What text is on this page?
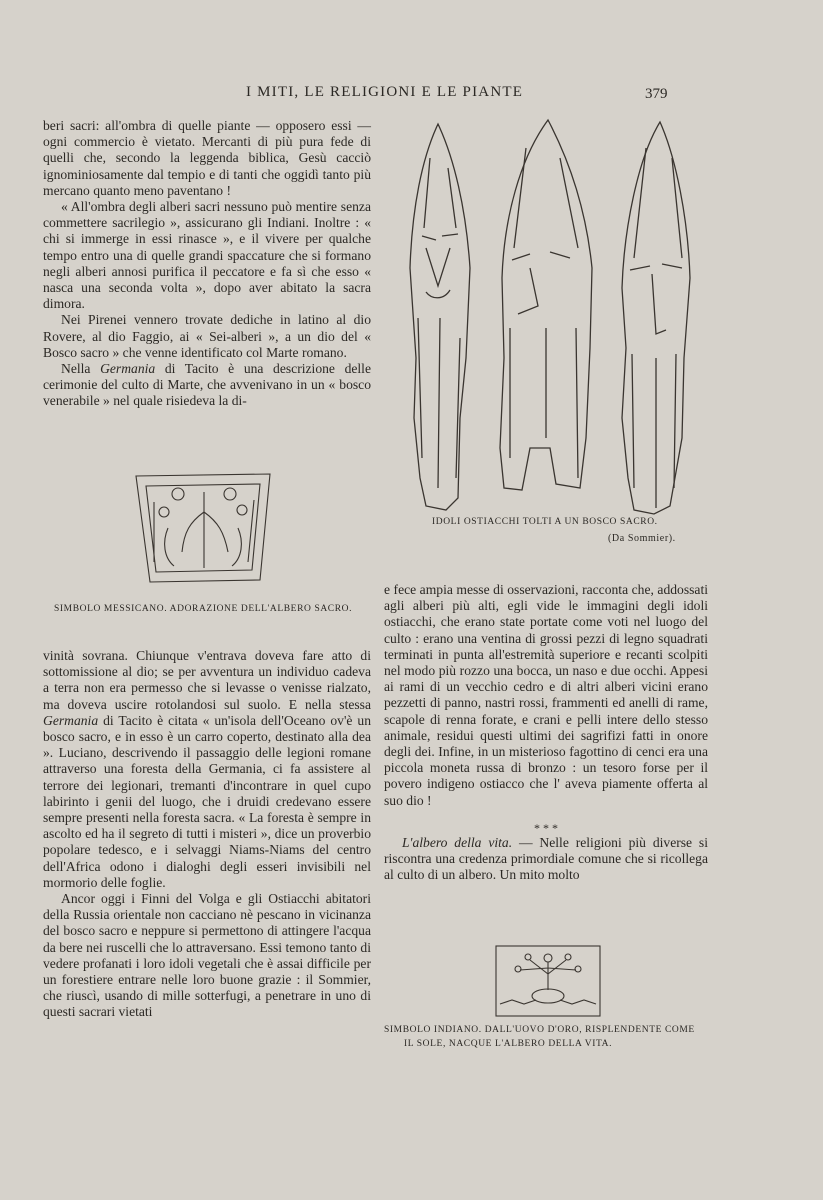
I MITI, LE RELIGIONI E LE PIANTE	379

beri sacri: all'ombra di quelle piante — opposero essi — ogni commercio è vietato. Mercanti di più pura fede di quelli che, secondo la leggenda biblica, Gesù cacciò ignominiosamente dal tempio e di tanti che oggidì tanto più mercano quanto meno paventano !

« All'ombra degli alberi sacri nessuno può mentire senza commettere sacrilegio », assicurano gli Indiani. Inoltre : « chi si immerge in essi rinasce », e il vivere per qualche tempo entro una di quelle grandi spaccature che si formano negli alberi annosi purifica il peccatore e fa sì che esso « nasca una seconda volta », dopo aver abitato la sacra dimora.

Nei Pirenei vennero trovate dediche in latino al dio Rovere, al dio Faggio, ai « Sei-alberi », a un dio del « Bosco sacro » che venne identificato col Marte romano.

Nella Germania di Tacito è una descrizione delle cerimonie del culto di Marte, che avvenivano in un « bosco venerabile » nel quale risiedeva la di-

IDOLI OSTIACCHI TOLTI A UN BOSCO SACRO.
(Da Sommier).
SIMBOLO MESSICANO. ADORAZIONE DELL'ALBERO SACRO.

vinità sovrana. Chiunque v'entrava doveva fare atto di sottomissione al dio; se per avventura un individuo cadeva a terra non era permesso che si levasse o venisse rialzato, ma doveva uscire rotolandosi sul suolo. E nella stessa Germania di Tacito è citata « un'isola dell'Oceano ov'è un bosco sacro, e in esso è un carro coperto, destinato alla dea ». Luciano, descrivendo il passaggio delle legioni romane attraverso una foresta della Germania, ci fa assistere al terrore dei legionari, tremanti d'incontrare in quel cupo labirinto i genii del luogo, che i druidi credevano essere sempre presenti nella foresta sacra. « La foresta è sempre in ascolto ed ha il segreto di tutti i misteri », dice un proverbio popolare tedesco, e i selvaggi Niams-Niams del centro dell'Africa odono i dialoghi degli esseri invisibili nel mormorio delle foglie.

Ancor oggi i Finni del Volga e gli Ostiacchi abitatori della Russia orientale non cacciano nè pescano in vicinanza del bosco sacro e neppure si permettono di attingere l'acqua da bere nei ruscelli che lo attraversano. Essi temono tanto di vedere profanati i loro idoli vegetali che è assai difficile per un forestiere entrare nelle loro buone grazie : il Sommier, che riuscì, usando di mille sotterfugi, a penetrare in uno di questi sacrari vietati

e fece ampia messe di osservazioni, racconta che, addossati agli alberi più alti, egli vide le immagini degli idoli ostiacchi, che erano state portate come voti nel luogo del culto : erano una ventina di grossi pezzi di legno squadrati terminati in punta all'estremità superiore e recanti scolpiti nel modo più rozzo una bocca, un naso e due occhi. Appesi ai rami di un vecchio cedro e di altri alberi vicini erano pezzetti di panno, nastri rossi, frammenti ed anelli di rame, scapole di renna forate, e crani e pelli intere dello stesso animale, residui questi ultimi dei sagrifizi fatti in onore degli dei. Infine, in un misterioso fagottino di cenci era una piccola moneta russa di bronzo : un tesoro forse per il povero indigeno ostiacco che l' aveva piamente offerta al suo dio !

* * *

L'albero della vita. — Nelle religioni più diverse si riscontra una credenza primordiale comune che si ricollega al culto di un albero. Un mito molto

SIMBOLO INDIANO. DALL'UOVO D'ORO, RISPLENDENTE COME
IL SOLE, NACQUE L'ALBERO DELLA VITA.
